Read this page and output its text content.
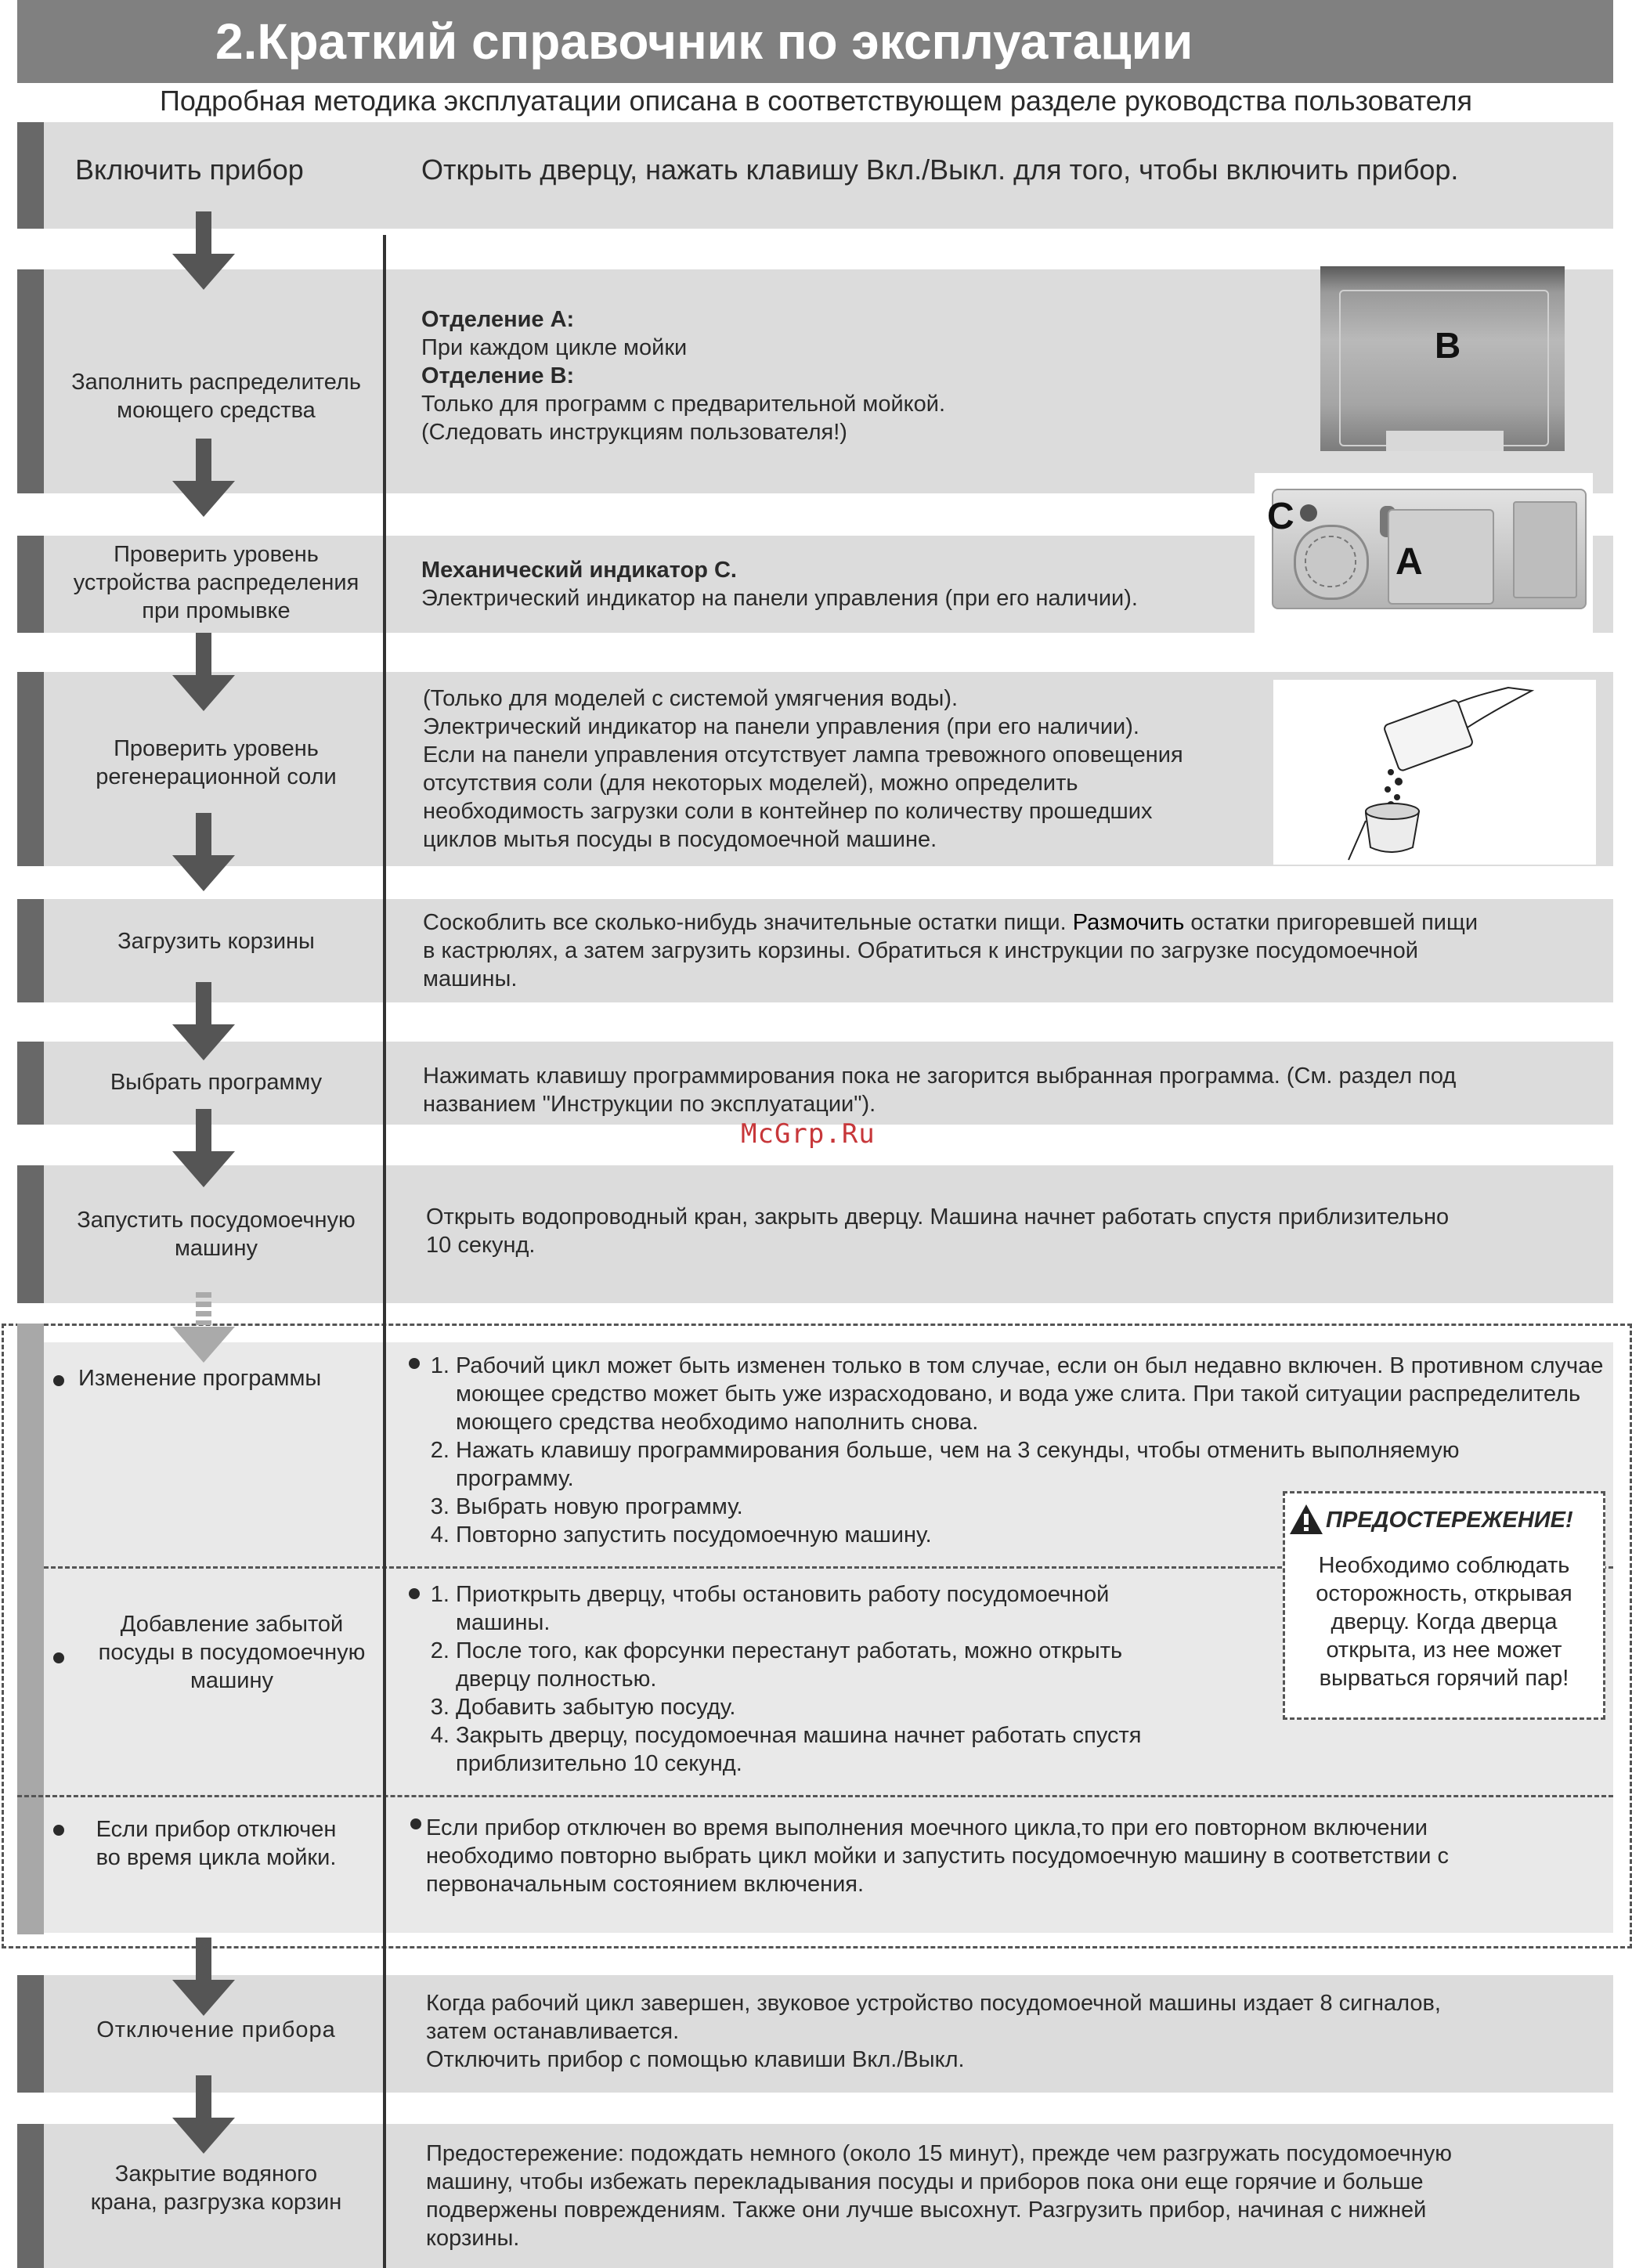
2.Краткий справочник по эксплуатации
Подробная методика эксплуатации описана в соответствующем разделе руководства пользователя
Включить прибор	Открыть дверцу, нажать клавишу Вкл./Выкл. для того, чтобы включить прибор.
Заполнить распределитель
моющего средства
Отделение A:
При каждом цикле мойки
Отделение B:
Только для программ с предварительной мойкой.
(Следовать инструкциям пользователя!)
B
Проверить уровень
устройства распределения
при промывке
Механический индикатор C.
Электрический индикатор на панели управления (при его наличии).
C
A
Проверить уровень
регенерационной соли
(Только для моделей с системой умягчения воды).
Электрический индикатор на панели управления (при его наличии).
Если на панели управления отсутствует лампа тревожного оповещения
отсутствия соли (для некоторых моделей), можно определить
необходимость загрузки соли в контейнер по количеству прошедших
циклов мытья посуды в посудомоечной машине.
Загрузить корзины
Соскоблить все сколько-нибудь значительные остатки пищи. Размочить остатки пригоревшей пищи
в кастрюлях, а затем загрузить корзины. Обратиться к инструкции по загрузке посудомоечной
машины.
Выбрать программу	Нажимать клавишу программирования пока не загорится выбранная программа. (См. раздел под
названием "Инструкции по эксплуатации").
McGrp.Ru
Запустить посудомоечную
машину
Открыть водопроводный кран, закрыть дверцу. Машина начнет работать спустя приблизительно
10 секунд.
Изменение программы
1.	Рабочий цикл может быть изменен только в том случае, если он был недавно включен. В противном случае моющее средство может быть уже израсходовано, и вода уже слита. При такой ситуации распределитель моющего средства необходимо наполнить снова.
2. Нажать клавишу программирования больше, чем на 3 секунды, чтобы отменить выполняемую программу.
3. Выбрать новую программу.
4. Повторно запустить посудомоечную машину.
Добавление забытой
посуды в посудомоечную
машину
1. Приоткрыть дверцу, чтобы остановить работу посудомоечной машины.
2. После того, как форсунки перестанут работать, можно открыть дверцу полностью.
3. Добавить забытую посуду.
4. Закрыть дверцу, посудомоечная машина начнет работать спустя приблизительно 10 секунд.
ПРЕДОСТЕРЕЖЕНИЕ!
Необходимо соблюдать
осторожность, открывая
дверцу. Когда дверца
открыта, из нее может
вырваться горячий пар!
Если прибор отключен
во время цикла мойки.
Если прибор отключен во время выполнения моечного цикла,то при его повторном включении
необходимо повторно выбрать цикл мойки и запустить посудомоечную машину в соответствии с
первоначальным состоянием включения.
Отключение прибора
Когда рабочий цикл завершен, звуковое устройство посудомоечной машины издает 8 сигналов,
затем останавливается.
Отключить прибор с помощью клавиши Вкл./Выкл.
Закрытие водяного
крана, разгрузка корзин
Предостережение: подождать немного (около 15 минут), прежде чем разгружать посудомоечную
машину, чтобы избежать перекладывания посуды и приборов пока они еще горячие и больше
подвержены повреждениям. Также они лучше высохнут. Разгрузить прибор, начиная с нижней
корзины.
